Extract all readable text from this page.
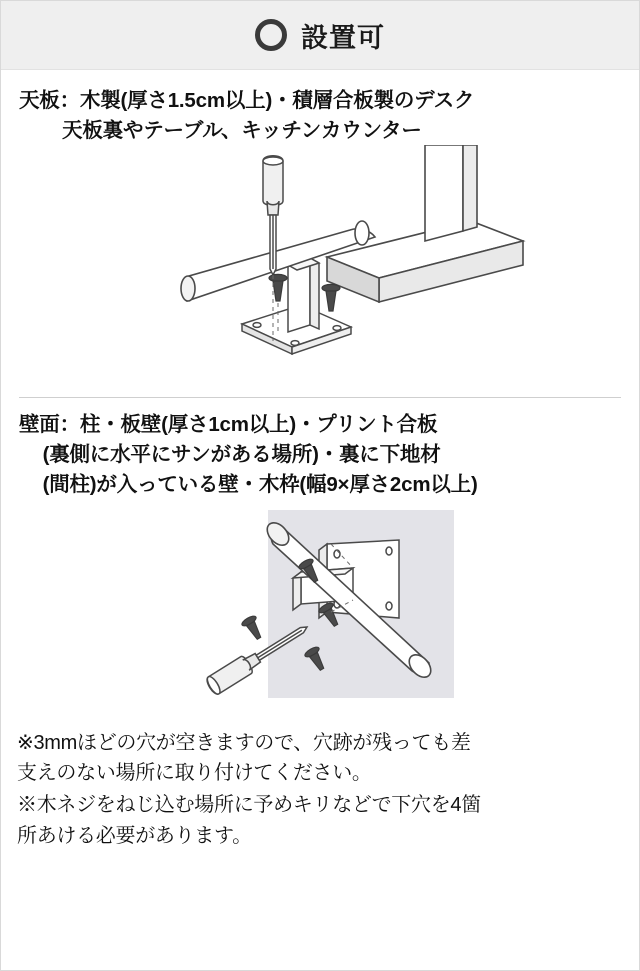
設置可
天板：木製(厚さ1.5cm以上)・積層合板製のデスク
天板裏やテーブル、キッチンカウンター
壁面：柱・板壁(厚さ1cm以上)・プリント合板
(裏側に水平にサンがある場所)・裏に下地材
(間柱)が入っている壁・木枠(幅9×厚さ2cm以上)

※3mmほどの穴が空きますので、穴跡が残っても差

支えのない場所に取り付けてください。

※木ネジをねじ込む場所に予めキリなどで下穴を4箇

所あける必要があります。
